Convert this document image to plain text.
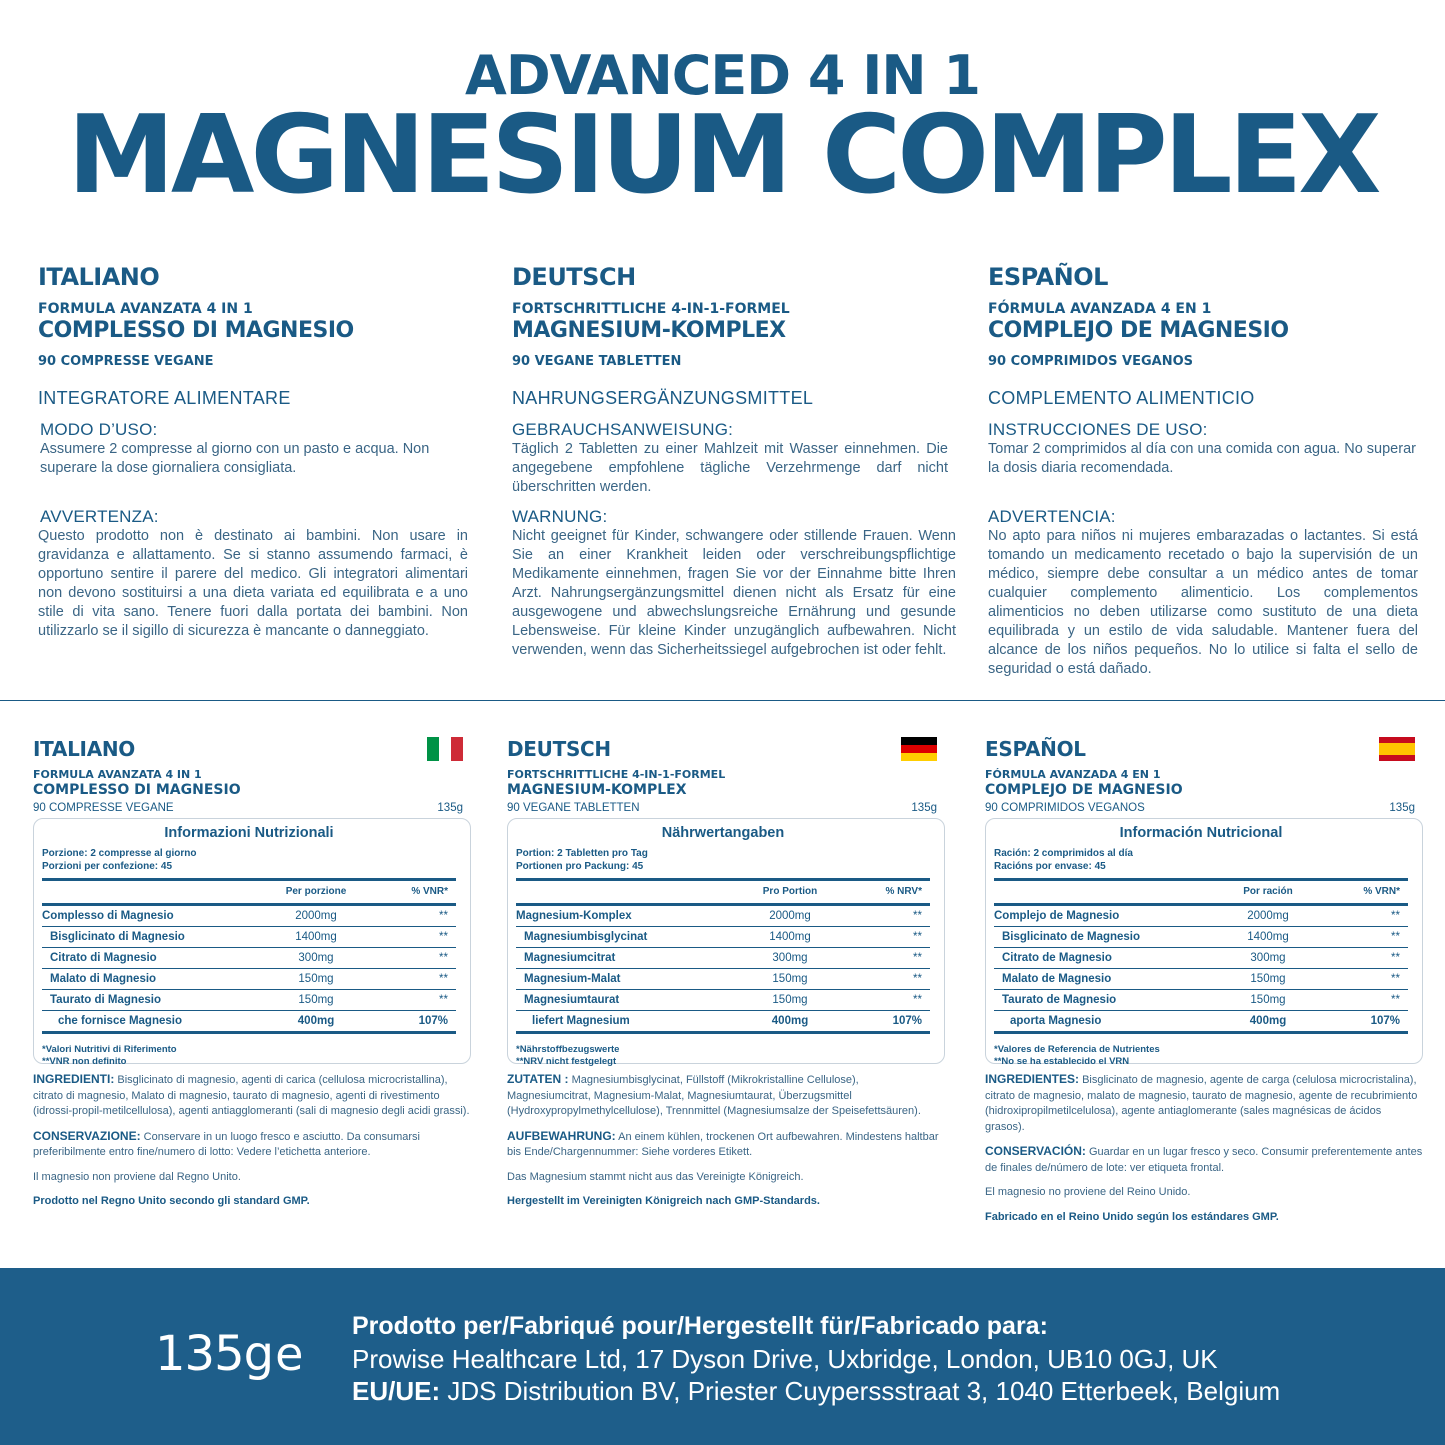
ADVANCED 4 IN 1
MAGNESIUM COMPLEX
ITALIANO
FORMULA AVANZATA 4 IN 1
COMPLESSO DI MAGNESIO
90 COMPRESSE VEGANE
INTEGRATORE ALIMENTARE
MODO D’USO:
Assumere 2 compresse al giorno con un pasto e acqua. Non superare la dose giornaliera consigliata.
AVVERTENZA:
Questo prodotto non è destinato ai bambini. Non usare in gravidanza e allattamento. Se si stanno assumendo farmaci, è opportuno sentire il parere del medico. Gli integratori alimentari non devono sostituirsi a una dieta variata ed equilibrata e a uno stile di vita sano. Tenere fuori dalla portata dei bambini. Non utilizzarlo se il sigillo di sicurezza è mancante o danneggiato.
DEUTSCH
FORTSCHRITTLICHE 4-IN-1-FORMEL
MAGNESIUM-KOMPLEX
90 VEGANE TABLETTEN
NAHRUNGSERGÄNZUNGSMITTEL
GEBRAUCHSANWEISUNG:
Täglich 2 Tabletten zu einer Mahlzeit mit Wasser einnehmen. Die angegebene empfohlene tägliche Verzehrmenge darf nicht überschritten werden.
WARNUNG:
Nicht geeignet für Kinder, schwangere oder stillende Frauen. Wenn Sie an einer Krankheit leiden oder verschreibungspflichtige Medikamente einnehmen, fragen Sie vor der Einnahme bitte Ihren Arzt. Nahrungsergänzungsmittel dienen nicht als Ersatz für eine ausgewogene und abwechslungsreiche Ernährung und gesunde Lebensweise. Für kleine Kinder unzugänglich aufbewahren. Nicht verwenden, wenn das Sicherheitssiegel aufgebrochen ist oder fehlt.
ESPAÑOL
FÓRMULA AVANZADA 4 EN 1
COMPLEJO DE MAGNESIO
90 COMPRIMIDOS VEGANOS
COMPLEMENTO ALIMENTICIO
INSTRUCCIONES DE USO:
Tomar 2 comprimidos al día con una comida con agua. No superar la dosis diaria recomendada.
ADVERTENCIA:
No apto para niños ni mujeres embarazadas o lactantes. Si está tomando un medicamento recetado o bajo la supervisión de un médico, siempre debe consultar a un médico antes de tomar cualquier complemento alimenticio. Los complementos alimenticios no deben utilizarse como sustituto de una dieta equilibrada y un estilo de vida saludable. Mantener fuera del alcance de los niños pequeños. No lo utilice si falta el sello de seguridad o está dañado.
ITALIANO
FORMULA AVANZATA 4 IN 1
COMPLESSO DI MAGNESIO
90 COMPRESSE VEGANE	135g
Informazioni Nutrizionali
Porzione: 2 compresse al giorno
Porzioni per confezione: 45
Per porzione	% VNR*
Complesso di Magnesio	2000mg	**
Bisglicinato di Magnesio	1400mg	**
Citrato di Magnesio	300mg	**
Malato di Magnesio	150mg	**
Taurato di Magnesio	150mg	**
che fornisce Magnesio	400mg	107%
*Valori Nutritivi di Riferimento
**VNR non definito
INGREDIENTI: Bisglicinato di magnesio, agenti di carica (cellulosa microcristallina), citrato di magnesio, Malato di magnesio, taurato di magnesio, agenti di rivestimento (idrossi-propil-metilcellulosa), agenti antiagglomeranti (sali di magnesio degli acidi grassi).
CONSERVAZIONE: Conservare in un luogo fresco e asciutto. Da consumarsi preferibilmente entro fine/numero di lotto: Vedere l’etichetta anteriore.
Il magnesio non proviene dal Regno Unito.
Prodotto nel Regno Unito secondo gli standard GMP.
DEUTSCH
FORTSCHRITTLICHE 4-IN-1-FORMEL
MAGNESIUM-KOMPLEX
90 VEGANE TABLETTEN	135g
Nährwertangaben
Portion: 2 Tabletten pro Tag
Portionen pro Packung: 45
Pro Portion	% NRV*
Magnesium-Komplex	2000mg	**
Magnesiumbisglycinat	1400mg	**
Magnesiumcitrat	300mg	**
Magnesium-Malat	150mg	**
Magnesiumtaurat	150mg	**
liefert Magnesium	400mg	107%
*Nährstoffbezugswerte
**NRV nicht festgelegt
ZUTATEN : Magnesiumbisglycinat, Füllstoff (Mikrokristalline Cellulose), Magnesiumcitrat, Magnesium-Malat, Magnesiumtaurat, Überzugsmittel (Hydroxypropylmethylcellulose), Trennmittel (Magnesiumsalze der Speisefettsäuren).
AUFBEWAHRUNG: An einem kühlen, trockenen Ort aufbewahren. Mindestens haltbar bis Ende/Chargennummer: Siehe vorderes Etikett.
Das Magnesium stammt nicht aus das Vereinigte Königreich.
Hergestellt im Vereinigten Königreich nach GMP-Standards.
ESPAÑOL
FÓRMULA AVANZADA 4 EN 1
COMPLEJO DE MAGNESIO
90 COMPRIMIDOS VEGANOS	135g
Información Nutricional
Ración: 2 comprimidos al día
Racións por envase: 45
Por ración	% VRN*
Complejo de Magnesio	2000mg	**
Bisglicinato de Magnesio	1400mg	**
Citrato de Magnesio	300mg	**
Malato de Magnesio	150mg	**
Taurato de Magnesio	150mg	**
aporta Magnesio	400mg	107%
*Valores de Referencia de Nutrientes
**No se ha establecido el VRN
INGREDIENTES: Bisglicinato de magnesio, agente de carga (celulosa microcristalina), citrato de magnesio, malato de magnesio, taurato de magnesio, agente de recubrimiento (hidroxipropilmetilcelulosa), agente antiaglomerante (sales magnésicas de ácidos grasos).
CONSERVACIÓN: Guardar en un lugar fresco y seco. Consumir preferentemente antes de finales de/número de lote: ver etiqueta frontal.
El magnesio no proviene del Reino Unido.
Fabricado en el Reino Unido según los estándares GMP.
135ge
Prodotto per/Fabriqué pour/Hergestellt für/Fabricado para:
Prowise Healthcare Ltd, 17 Dyson Drive, Uxbridge, London, UB10 0GJ, UK
EU/UE: JDS Distribution BV, Priester Cuyperssstraat 3, 1040 Etterbeek, Belgium
